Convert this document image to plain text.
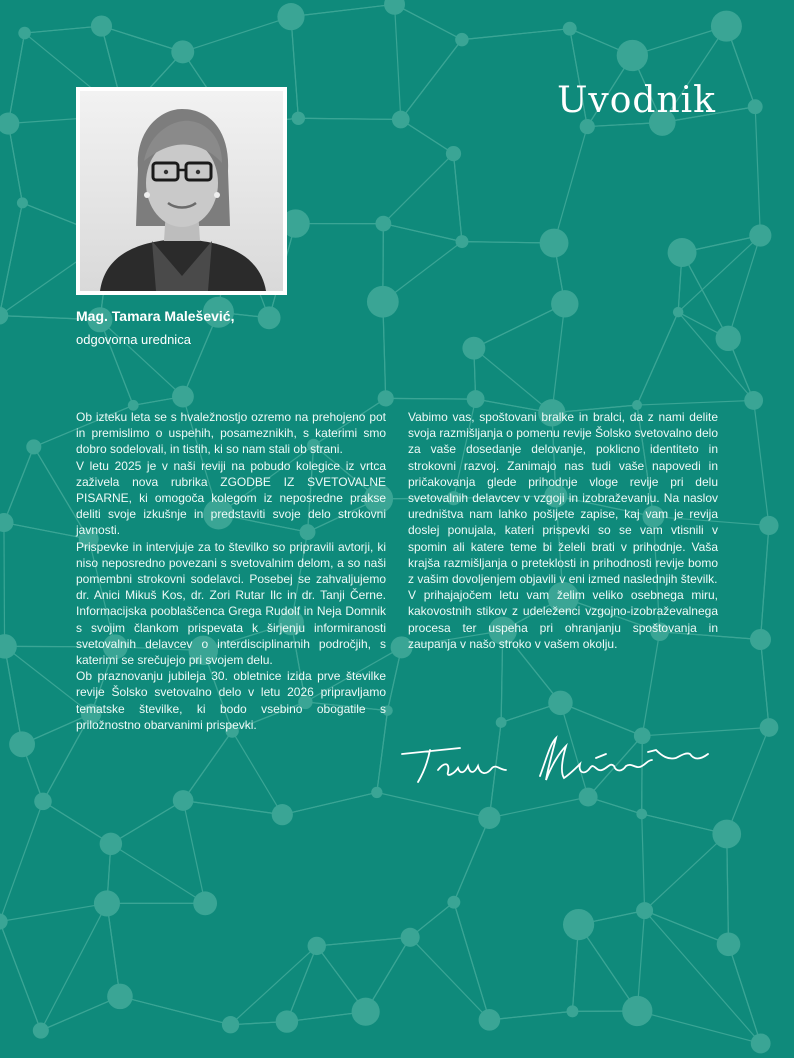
Uvodnik
Mag. Tamara Malešević,
odgovorna urednica

Ob izteku leta se s hvaležnostjo ozremo na prehojeno pot in premislimo o uspehih, posameznikih, s katerimi smo dobro sodelovali, in tistih, ki so nam stali ob strani.

V letu 2025 je v naši reviji na pobudo kolegice iz vrtca zaživela nova rubrika ZGODBE IZ SVETOVALNE PISARNE, ki omogoča kolegom iz neposredne prakse deliti svoje izkušnje in predstaviti svoje delo strokovni javnosti.

Prispevke in intervjuje za to številko so pripravili avtorji, ki niso neposredno povezani s svetovalnim delom, a so naši pomembni strokovni sodelavci. Posebej se zahvaljujemo dr. Anici Mikuš Kos, dr. Zori Rutar Ilc in dr. Tanji Černe. Informacijska pooblaščenca Grega Rudolf in Neja Domnik s svojim člankom prispevata k širjenju informiranosti svetovalnih delavcev o interdisciplinarnih področjih, s katerimi se srečujejo pri svojem delu.

Ob praznovanju jubileja 30. obletnice izida prve številke revije Šolsko svetovalno delo v letu 2026 pripravljamo tematske številke, ki bodo vsebino obogatile s priložnostno obarvanimi prispevki.

Vabimo vas, spoštovani bralke in bralci, da z nami delite svoja razmišljanja o pomenu revije Šolsko svetovalno delo za vaše dosedanje delovanje, poklicno identiteto in strokovni razvoj. Zanimajo nas tudi vaše napovedi in pričakovanja glede prihodnje vloge revije pri delu svetovalnih delavcev v vzgoji in izobraževanju. Na naslov uredništva nam lahko pošljete zapise, kaj vam je revija doslej ponujala, kateri prispevki so se vam vtisnili v spomin ali katere teme bi želeli brati v prihodnje. Vaša krajša razmišljanja o preteklosti in prihodnosti revije bomo z vašim dovoljenjem objavili v eni izmed naslednjih številk.

V prihajajočem letu vam želim veliko osebnega miru, kakovostnih stikov z udeleženci vzgojno-izobraževalnega procesa ter uspeha pri ohranjanju spoštovanja in zaupanja v našo stroko v vašem okolju.
